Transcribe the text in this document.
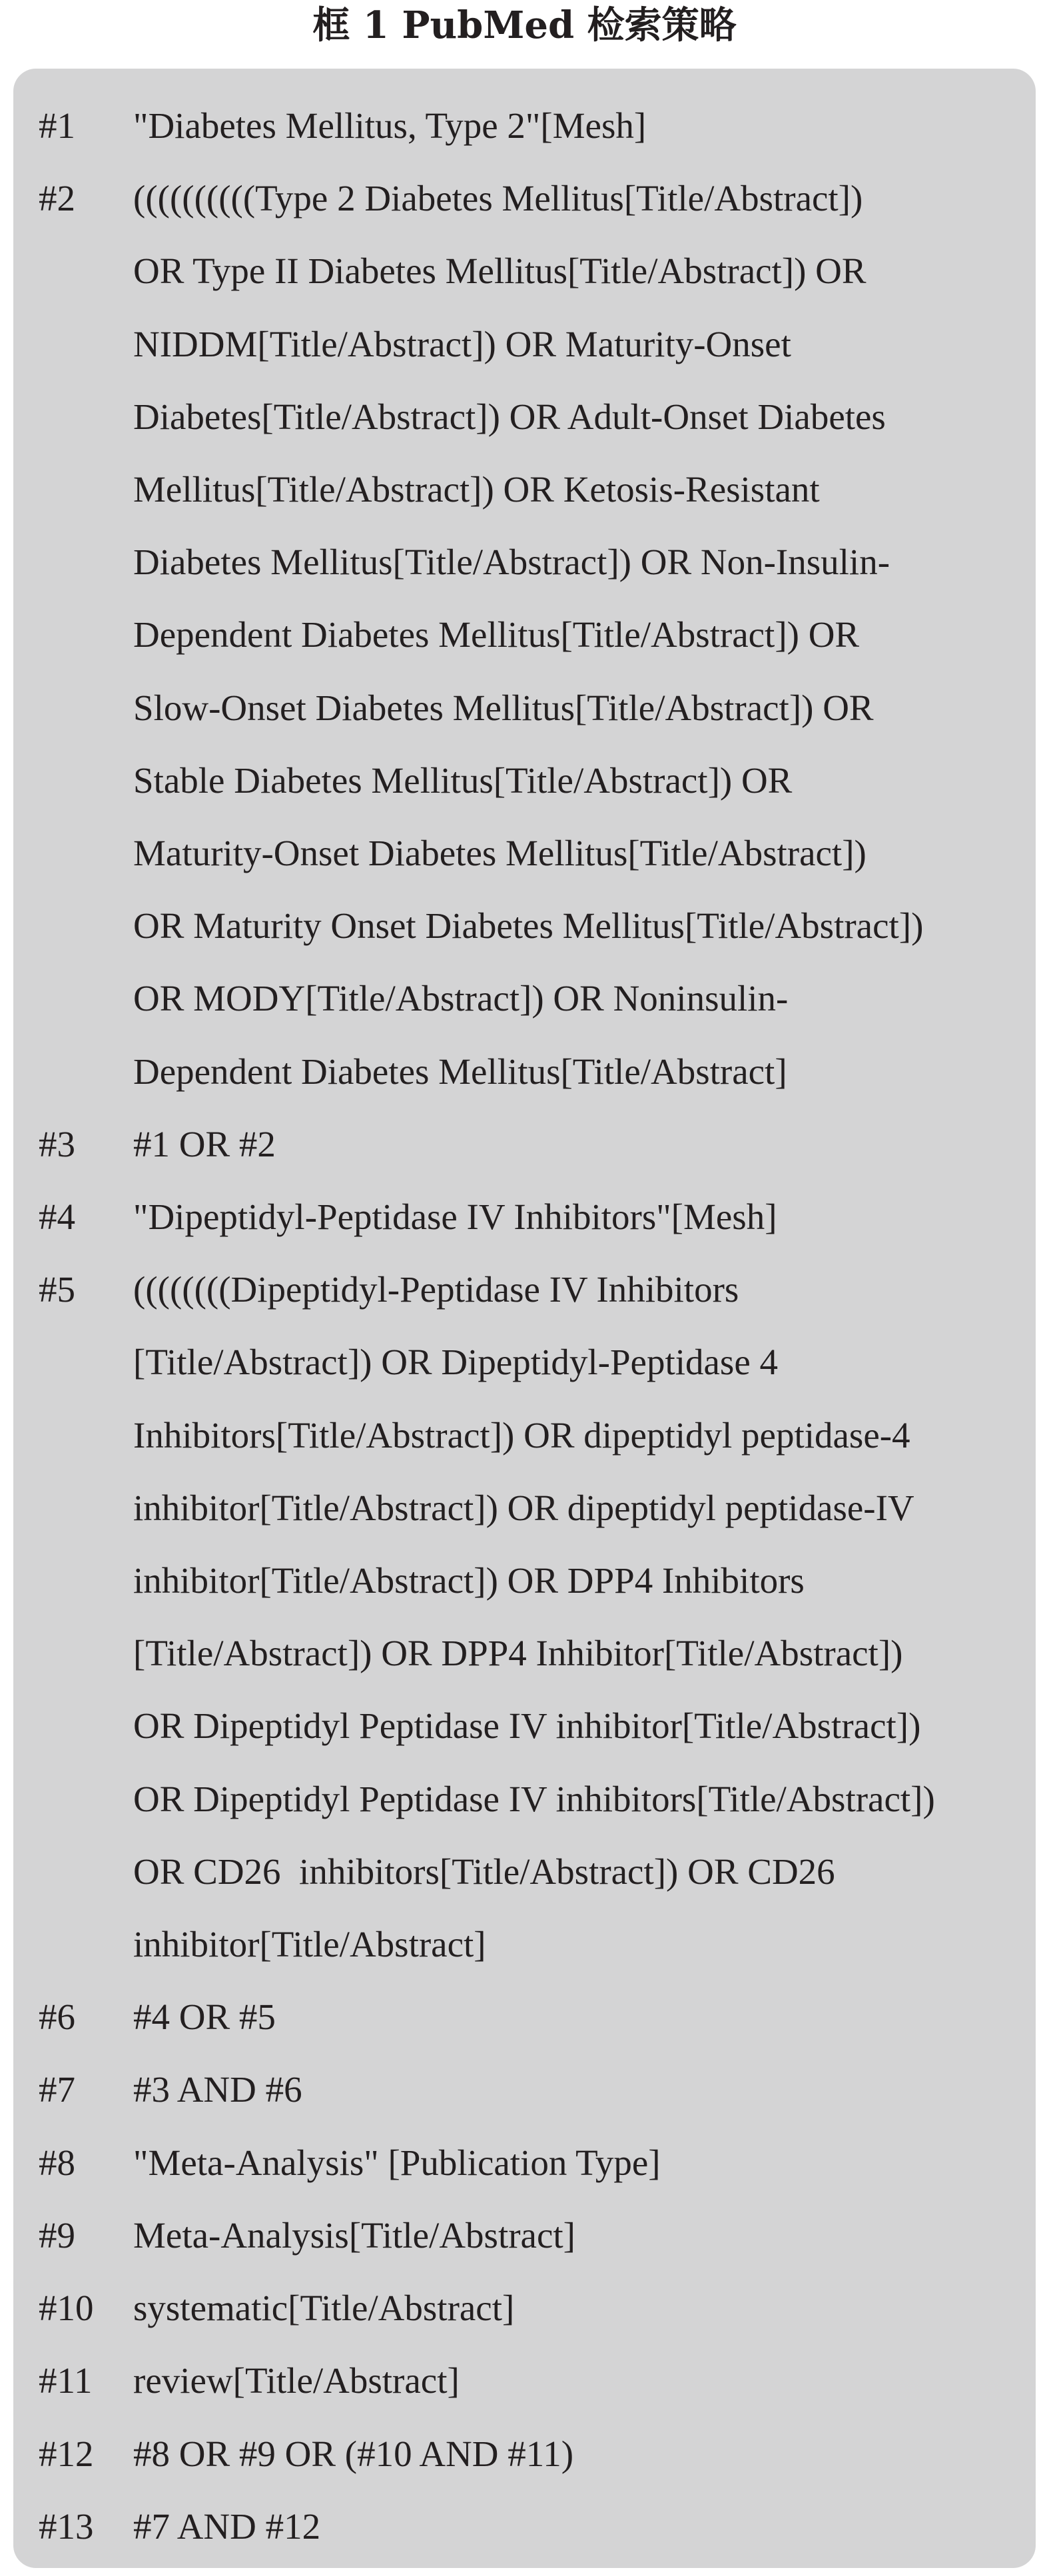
框 1 PubMed 检索策略
#1	"Diabetes Mellitus, Type 2"[Mesh]
#2	((((((((((Type 2 Diabetes Mellitus[Title/Abstract])
OR Type II Diabetes Mellitus[Title/Abstract]) OR
NIDDM[Title/Abstract]) OR Maturity-Onset
Diabetes[Title/Abstract]) OR Adult-Onset Diabetes
Mellitus[Title/Abstract]) OR Ketosis-Resistant
Diabetes Mellitus[Title/Abstract]) OR Non-Insulin-
Dependent Diabetes Mellitus[Title/Abstract]) OR
Slow-Onset Diabetes Mellitus[Title/Abstract]) OR
Stable Diabetes Mellitus[Title/Abstract]) OR
Maturity-Onset Diabetes Mellitus[Title/Abstract])
OR Maturity Onset Diabetes Mellitus[Title/Abstract])
OR MODY[Title/Abstract]) OR Noninsulin-
Dependent Diabetes Mellitus[Title/Abstract]
#3	#1 OR #2
#4	"Dipeptidyl-Peptidase IV Inhibitors"[Mesh]
#5	((((((((Dipeptidyl-Peptidase IV Inhibitors
[Title/Abstract]) OR Dipeptidyl-Peptidase 4
Inhibitors[Title/Abstract]) OR dipeptidyl peptidase-4
inhibitor[Title/Abstract]) OR dipeptidyl peptidase-IV
inhibitor[Title/Abstract]) OR DPP4 Inhibitors
[Title/Abstract]) OR DPP4 Inhibitor[Title/Abstract])
OR Dipeptidyl Peptidase IV inhibitor[Title/Abstract])
OR Dipeptidyl Peptidase IV inhibitors[Title/Abstract])
OR CD26  inhibitors[Title/Abstract]) OR CD26
inhibitor[Title/Abstract]
#6	#4 OR #5
#7	#3 AND #6
#8	"Meta-Analysis" [Publication Type]
#9	Meta-Analysis[Title/Abstract]
#10	systematic[Title/Abstract]
#11	review[Title/Abstract]
#12	#8 OR #9 OR (#10 AND #11)
#13	#7 AND #12
